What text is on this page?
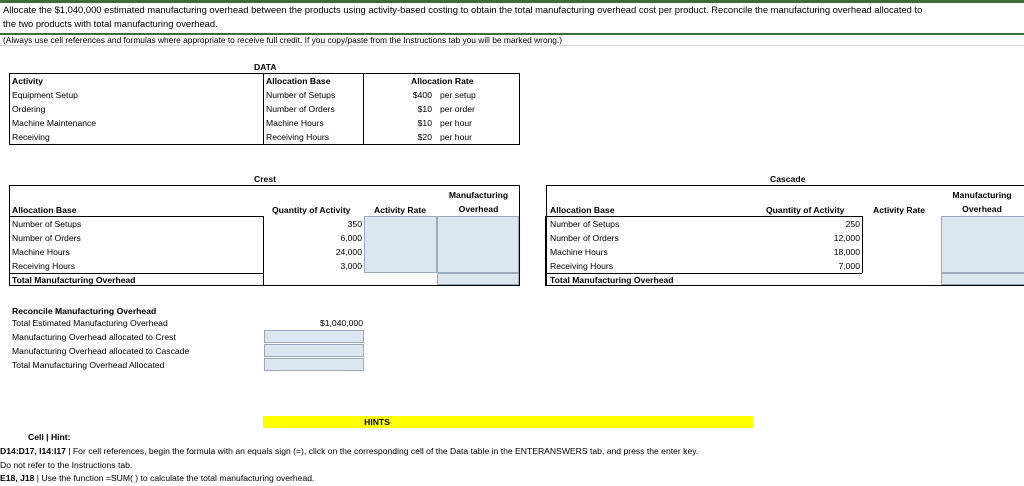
Allocate the $1,040,000 estimated manufacturing overhead between the products using activity-based costing to obtain the total manufacturing overhead cost per product. Reconcile the manufacturing overhead allocated to
the two products with total manufacturing overhead.
(Always use cell references and formulas where appropriate to receive full credit. If you copy/paste from the Instructions tab you will be marked wrong.)
DATA
Activity	Allocation Base	Allocation Rate
Equipment Setup	Number of Setups	$400 per setup
Ordering	Number of Orders	$10 per order
Machine Maintenance	Machine Hours	$10 per hour
Receiving	Receiving Hours	$20 per hour
Crest
Manufacturing
Overhead
Allocation Base	Quantity of Activity	Activity Rate
Number of Setups	350
Number of Orders	6,000
Machine Hours	24,000
Receiving Hours	3,000
Total Manufacturing Overhead
Cascade
Manufacturing
Overhead
Allocation Base	Quantity of Activity	Activity Rate
Number of Setups	250
Number of Orders	12,000
Machine Hours	18,000
Receiving Hours	7,000
Total Manufacturing Overhead
Reconcile Manufacturing Overhead
Total Estimated Manufacturing Overhead	$1,040,000
Manufacturing Overhead allocated to Crest
Manufacturing Overhead allocated to Cascade
Total Manufacturing Overhead Allocated
HINTS
Cell | Hint:
D14:D17, I14:I17 | For cell references, begin the formula with an equals sign (=), click on the corresponding cell of the Data table in the ENTERANSWERS tab, and press the enter key.
Do not refer to the Instructions tab.
E18, J18 | Use the function =SUM( ) to calculate the total manufacturing overhead.
